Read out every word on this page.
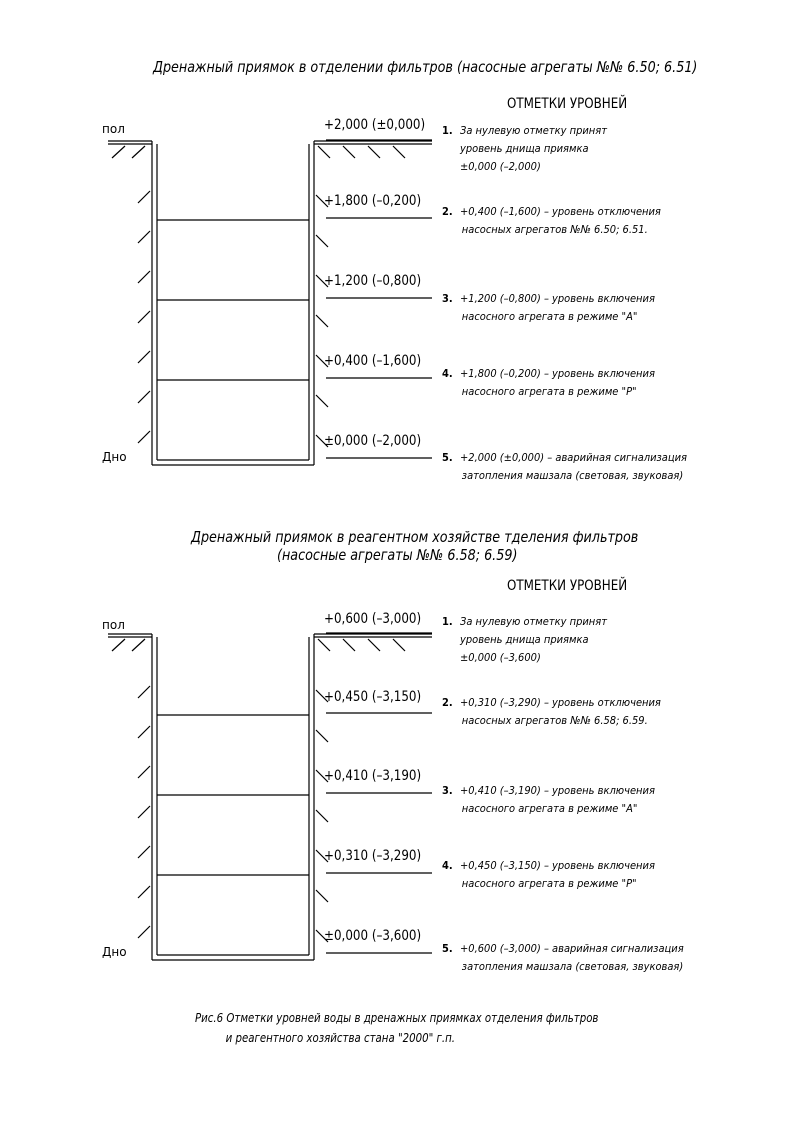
Дренажный приямок в отделении фильтров (насосные агрегаты №№ 6.50; 6.51)
ОТМЕТКИ УРОВНЕЙ
пол
Дно
+2,000 (±0,000)
+1,800 (–0,200)
+1,200 (–0,800)
+0,400 (–1,600)
±0,000 (–2,000)
1. За нулевую отметку принят
уровень днища приямка
±0,000 (–2,000)
2. +0,400 (–1,600) – уровень отключения
насосных агрегатов №№ 6.50; 6.51.
3. +1,200 (–0,800) – уровень включения
насосного агрегата в режиме "А"
4. +1,800 (–0,200) – уровень включения
насосного агрегата в режиме "Р"
5. +2,000 (±0,000) – аварийная сигнализация
затопления машзала (световая, звуковая)
Дренажный приямок в реагентном хозяйстве тделения фильтров
(насосные агрегаты №№ 6.58; 6.59)
ОТМЕТКИ УРОВНЕЙ
пол
Дно
+0,600 (–3,000)
+0,450 (–3,150)
+0,410 (–3,190)
+0,310 (–3,290)
±0,000 (–3,600)
1. За нулевую отметку принят
уровень днища приямка
±0,000 (–3,600)
2. +0,310 (–3,290) – уровень отключения
насосных агрегатов №№ 6.58; 6.59.
3. +0,410 (–3,190) – уровень включения
насосного агрегата в режиме "А"
4. +0,450 (–3,150) – уровень включения
насосного агрегата в режиме "Р"
5. +0,600 (–3,000) – аварийная сигнализация
затопления машзала (световая, звуковая)
Рис.6 Отметки уровней воды в дренажных приямках отделения фильтров
и реагентного хозяйства стана "2000" г.п.
